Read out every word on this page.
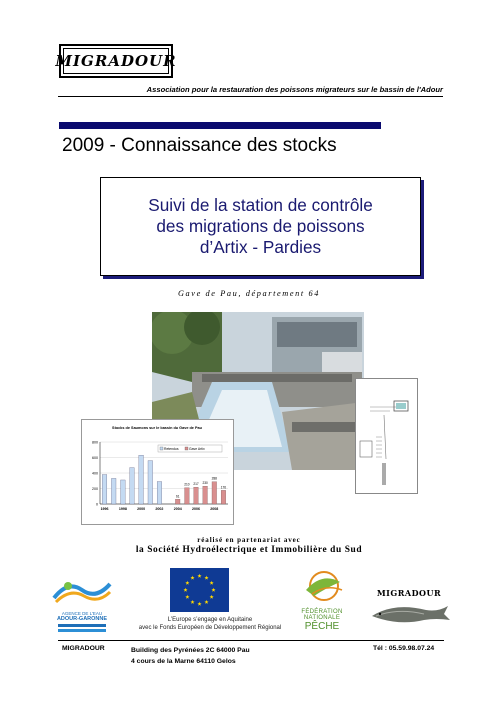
MIGRADOUR
Association pour la restauration des poissons migrateurs sur le bassin de l'Adour
2009 - Connaissance des stocks
Suivi de la station de contrôle
des migrations de poissons
d’Artix - Pardies
Gave de Pau, département 64
Stocks de Saumons sur le bassin du Gave de Pau
0
200
400
600
800
Retendus	Gave Artix
61
210 217 230
288
176
1996	1998	2000	2002	2004	2006	2008
réalisé en partenariat avec
la Société Hydroélectrique et Immobilière du Sud
AGENCE DE L'EAU
ADOUR-GARONNE	L’Europe s’engage en Aquitaine
avec le Fonds Européen de Développement Régional
FÉDÉRATION
NATIONALE
PÊCHE
MIGRADOUR
MIGRADOUR	Building des Pyrénées 2C 64000 Pau
4 cours de la Marne 64110 Gelos
Tél : 05.59.98.07.24
